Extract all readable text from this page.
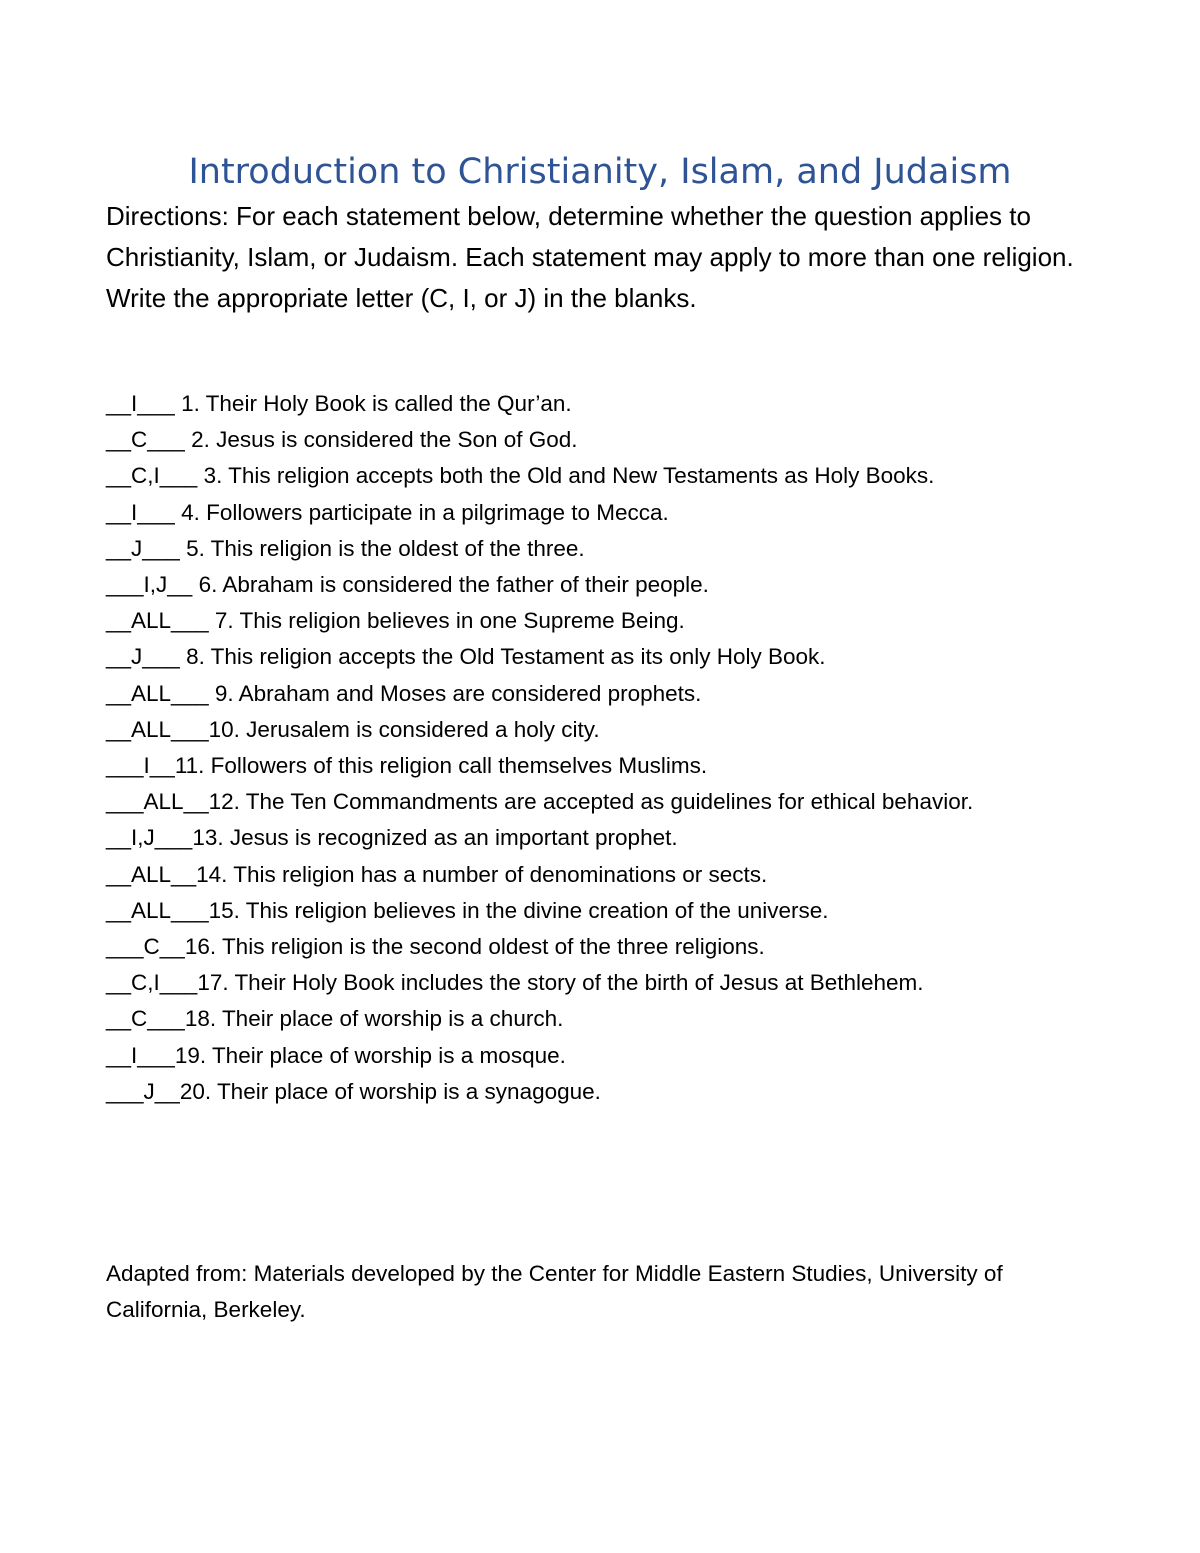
Introduction to Christianity, Islam, and Judaism

Directions: For each statement below, determine whether the question applies to Christianity, Islam, or Judaism. Each statement may apply to more than one religion. Write the appropriate letter (C, I, or J) in the blanks.

__I___ 1. Their Holy Book is called the Qur’an.
__C___ 2. Jesus is considered the Son of God.
__C,I___ 3. This religion accepts both the Old and New Testaments as Holy Books.
__I___ 4. Followers participate in a pilgrimage to Mecca.
__J___ 5. This religion is the oldest of the three.
___I,J__ 6. Abraham is considered the father of their people.
__ALL___ 7. This religion believes in one Supreme Being.
__J___ 8. This religion accepts the Old Testament as its only Holy Book.
__ALL___ 9. Abraham and Moses are considered prophets.
__ALL___10. Jerusalem is considered a holy city.
___I__11. Followers of this religion call themselves Muslims.
___ALL__12. The Ten Commandments are accepted as guidelines for ethical behavior.
__I,J___13. Jesus is recognized as an important prophet.
__ALL__14. This religion has a number of denominations or sects.
__ALL___15. This religion believes in the divine creation of the universe.
___C__16. This religion is the second oldest of the three religions.
__C,I___17. Their Holy Book includes the story of the birth of Jesus at Bethlehem.
__C___18. Their place of worship is a church.
__I___19. Their place of worship is a mosque.
___J__20. Their place of worship is a synagogue.

Adapted from: Materials developed by the Center for Middle Eastern Studies, University of California, Berkeley.
